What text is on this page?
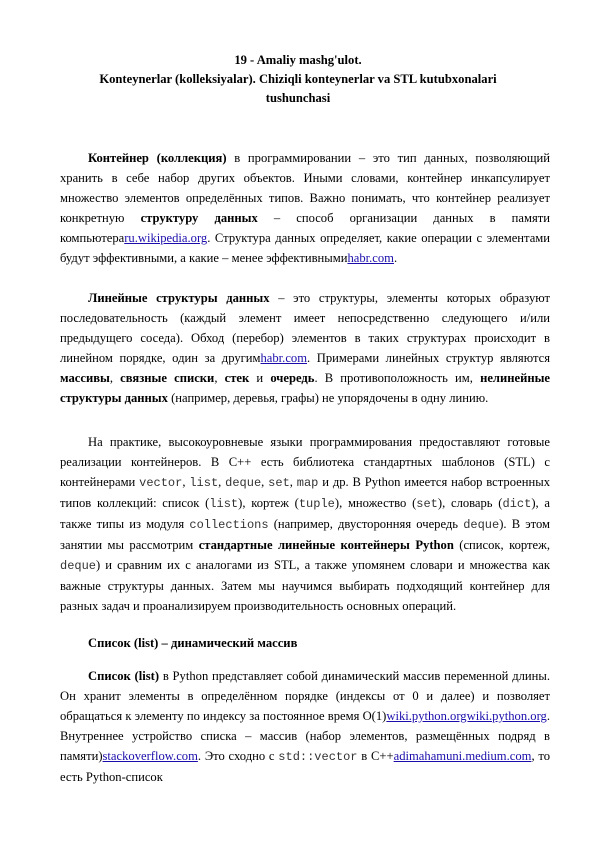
19 - Amaliy mashg'ulot.
Konteynerlar (kolleksiyalar). Chiziqli konteynerlar va STL kutubxonalari
tushunchasi

Контейнер (коллекция) в программировании – это тип данных, позволяющий хранить в себе набор других объектов. Иными словами, контейнер инкапсулирует множество элементов определённых типов. Важно понимать, что контейнер реализует конкретную структуру данных – способ организации данных в памяти компьютераru.wikipedia.org. Структура данных определяет, какие операции с элементами будут эффективными, а какие – менее эффективнымиhabr.com.

Линейные структуры данных – это структуры, элементы которых образуют последовательность (каждый элемент имеет непосредственно следующего и/или предыдущего соседа). Обход (перебор) элементов в таких структурах происходит в линейном порядке, один за другимhabr.com. Примерами линейных структур являются массивы, связные списки, стек и очередь. В противоположность им, нелинейные структуры данных (например, деревья, графы) не упорядочены в одну линию.

На практике, высокоуровневые языки программирования предоставляют готовые реализации контейнеров. В C++ есть библиотека стандартных шаблонов (STL) с контейнерами vector, list, deque, set, map и др. В Python имеется набор встроенных типов коллекций: список (list), кортеж (tuple), множество (set), словарь (dict), а также типы из модуля collections (например, двусторонняя очередь deque). В этом занятии мы рассмотрим стандартные линейные контейнеры Python (список, кортеж, deque) и сравним их с аналогами из STL, а также упомянем словари и множества как важные структуры данных. Затем мы научимся выбирать подходящий контейнер для разных задач и проанализируем производительность основных операций.

Список (list) – динамический массив

Список (list) в Python представляет собой динамический массив переменной длины. Он хранит элементы в определённом порядке (индексы от 0 и далее) и позволяет обращаться к элементу по индексу за постоянное время O(1)wiki.python.orgwiki.python.org. Внутреннее устройство списка – массив (набор элементов, размещённых подряд в памяти)stackoverflow.com. Это сходно с std::vector в C++adimahamuni.medium.com, то есть Python-список
